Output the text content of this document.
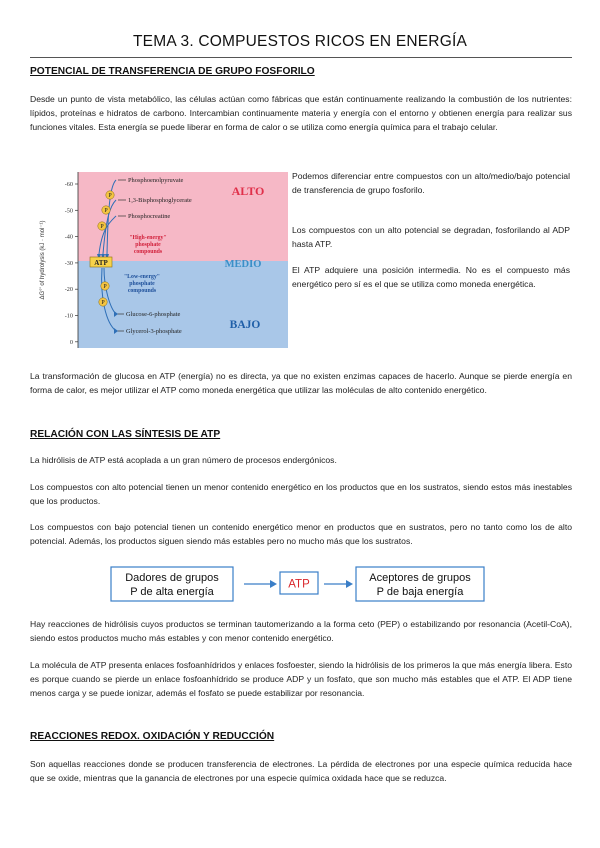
TEMA 3. COMPUESTOS RICOS EN ENERGÍA
POTENCIAL DE TRANSFERENCIA DE GRUPO FOSFORILO
Desde un punto de vista metabólico, las células actúan como fábricas que están continuamente realizando la combustión de los nutrientes: lípidos, proteínas e hidratos de carbono. Intercambian continuamente materia y energía con el entorno y obtienen energía para realizar sus funciones vitales. Esta energía se puede liberar en forma de calor o se utiliza como energía química para el trabajo celular.
-60
-50
-40
-30
-20
-10
0
ΔG°' of hydrolysis (kJ · mol⁻¹)
Phosphoenolpyruvate
1,3-Bisphosphoglycerate
Phosphocreatine
Glucose-6-phosphate
Glycerol-3-phosphate
"High-energy"
phosphate
compounds
"Low-energy"
phosphate
compounds
P
P
P
P
P
ATP
ALTO
MEDIO
BAJO
Podemos diferenciar entre compuestos con un alto/medio/bajo potencial de transferencia de grupo fosforilo.
Los compuestos con un alto potencial se degradan, fosforilando al ADP hasta ATP.
El ATP adquiere una posición intermedia. No es el compuesto más energético pero sí es el que se utiliza como moneda energética.
La transformación de glucosa en ATP (energía) no es directa, ya que no existen enzimas capaces de hacerlo. Aunque se pierde energía en forma de calor, es mejor utilizar el ATP como moneda energética que utilizar las moléculas de alto contenido energético.
RELACIÓN CON LAS SÍNTESIS DE ATP
La hidrólisis de ATP está acoplada a un gran número de procesos endergónicos.
Los compuestos con alto potencial tienen un menor contenido energético en los productos que en los sustratos, siendo estos más inestables que los productos.
Los compuestos con bajo potencial tienen un contenido energético menor en productos que en sustratos, pero no tanto como los de alto potencial. Además, los productos siguen siendo más estables pero no mucho más que los sustratos.
Dadores de grupos
P de alta energía
ATP
Aceptores de grupos
P de baja energía
Hay reacciones de hidrólisis cuyos productos se terminan tautomerizando a la forma ceto (PEP) o estabilizando por resonancia (Acetil-CoA), siendo estos productos mucho más estables y con menor contenido energético.
La molécula de ATP presenta enlaces fosfoanhídridos y enlaces fosfoester, siendo la hidrólisis de los primeros la que más energía libera. Esto es porque cuando se pierde un enlace fosfoanhídrido se produce ADP y un fosfato, que son mucho más estables que el ATP. El ADP tiene menos carga y se puede ionizar, además el fosfato se puede estabilizar por resonancia.
REACCIONES REDOX. OXIDACIÓN Y REDUCCIÓN
Son aquellas reacciones donde se producen transferencia de electrones. La pérdida de electrones por una especie química reducida hace que se oxide, mientras que la ganancia de electrones por una especie química oxidada hace que se reduzca.
